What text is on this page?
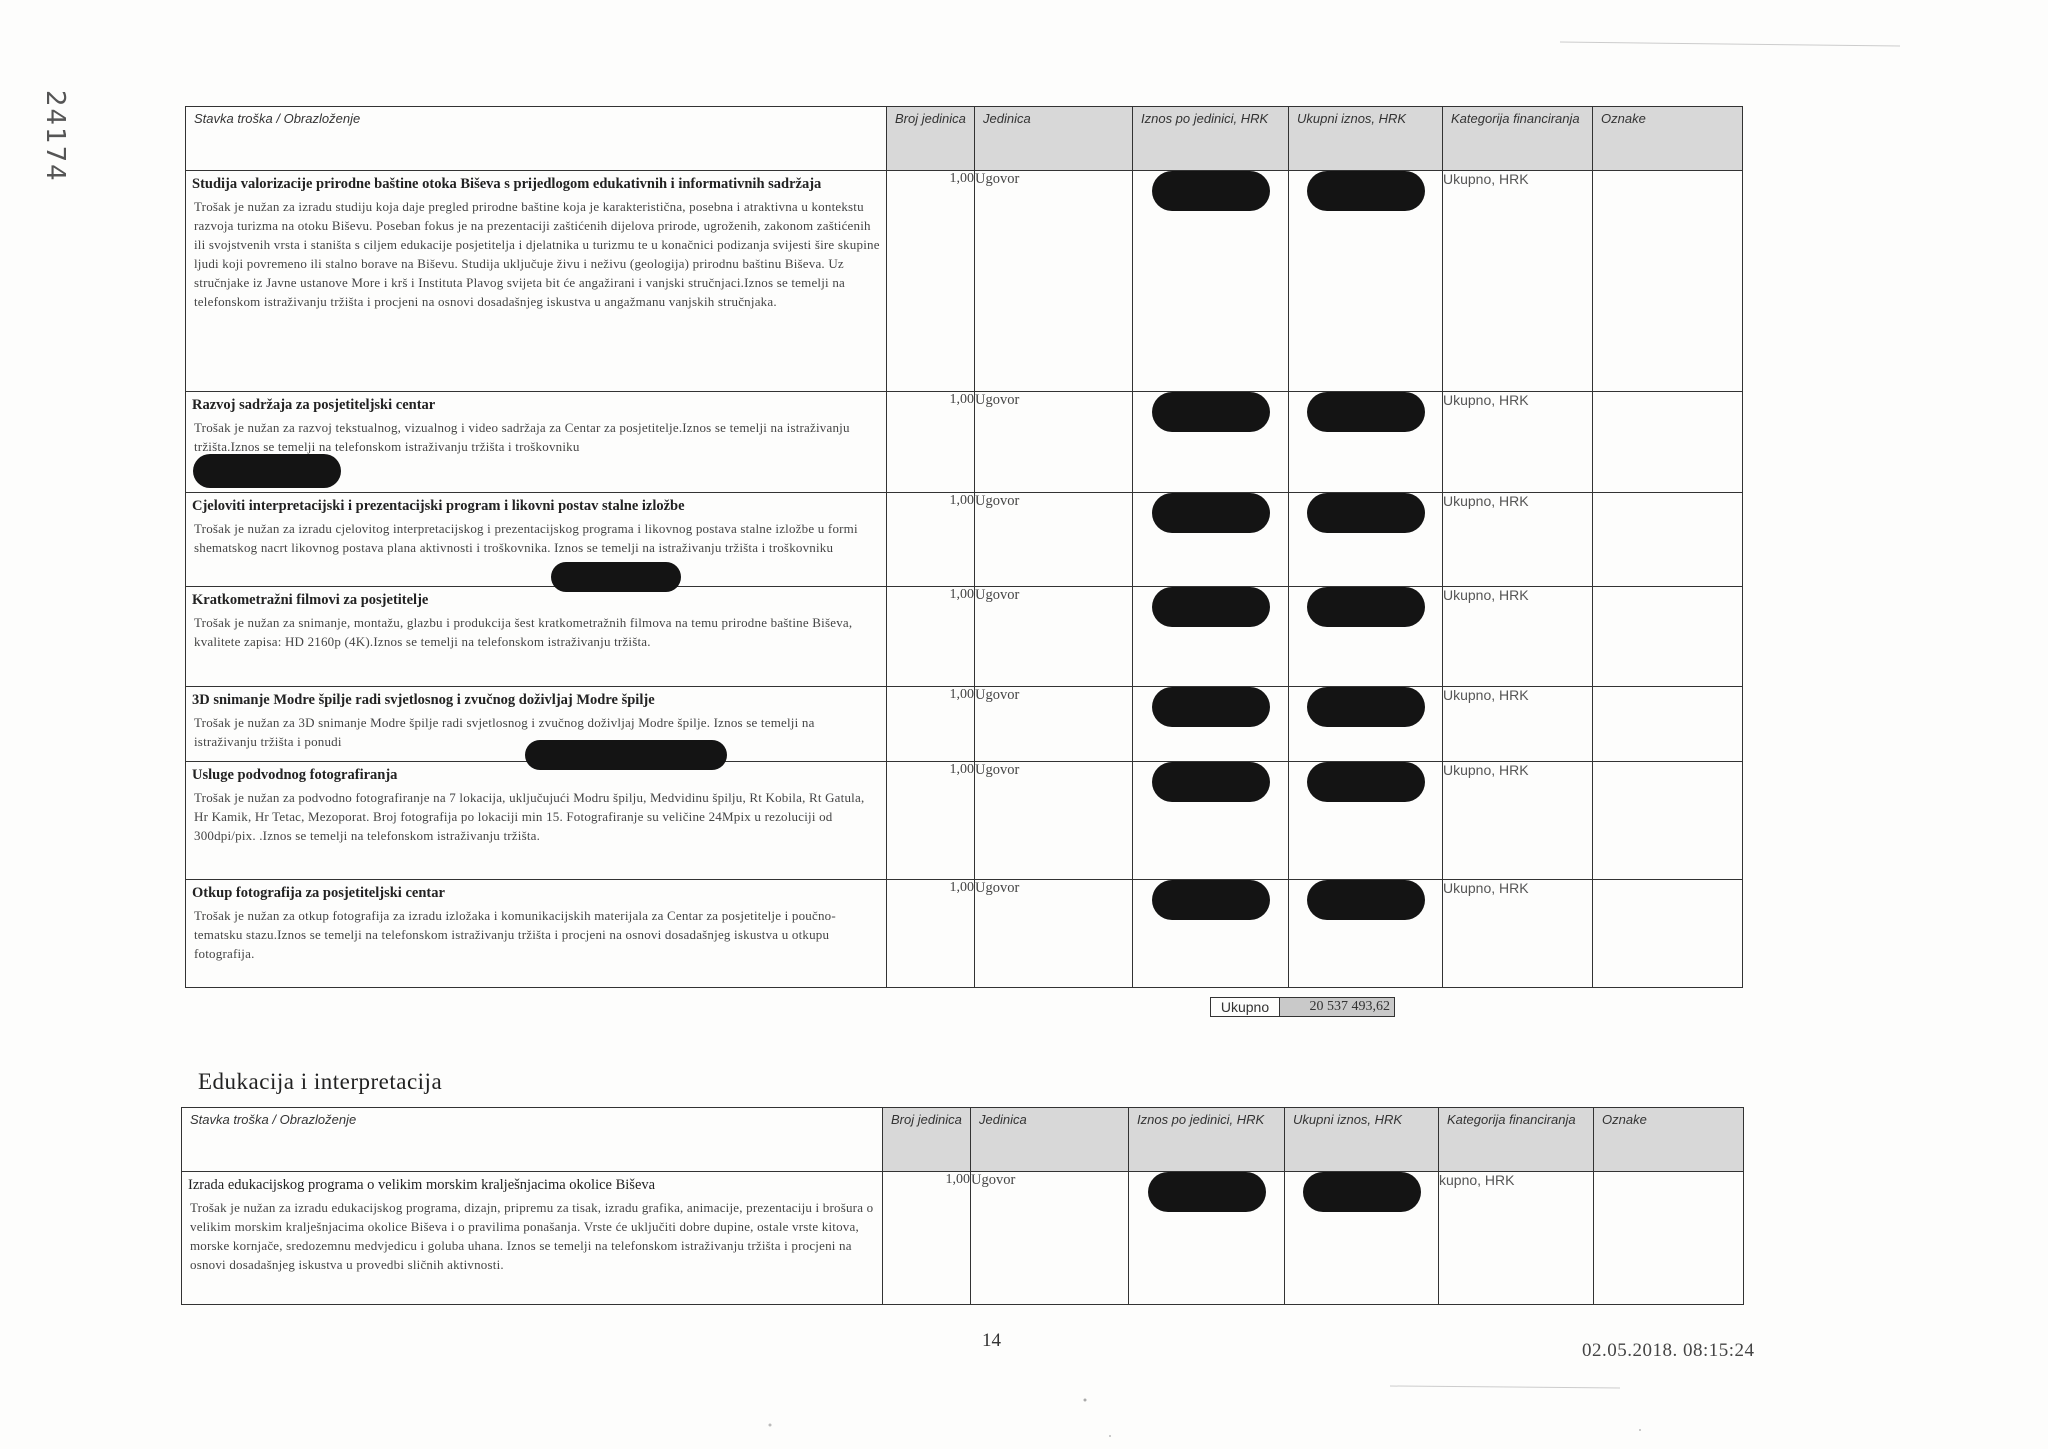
24174	Stavka troška / Obrazloženje	Broj jedinica	Jedinica	Iznos po jedinici, HRK	Ukupni iznos, HRK	Kategorija financiranja	Oznake

Studija valorizacije prirodne baštine otoka Biševa s prijedlogom edukativnih i informativnih sadržaja
Trošak je nužan za izradu studiju koja daje pregled prirodne baštine koja je karakteristična, posebna i atraktivna u kontekstu razvoja turizma na otoku Biševu. Poseban fokus je na prezentaciji zaštićenih dijelova prirode, ugroženih, zakonom zaštićenih ili svojstvenih vrsta i staništa s ciljem edukacije posjetitelja i djelatnika u turizmu te u konačnici podizanja svijesti šire skupine ljudi koji povremeno ili stalno borave na Biševu. Studija uključuje živu i neživu (geologija) prirodnu baštinu Biševa. Uz stručnjake iz Javne ustanove More i krš i Instituta Plavog svijeta bit će angažirani i vanjski stručnjaci.Iznos se temelji na telefonskom istraživanju tržišta i procjeni na osnovi dosadašnjeg iskustva u angažmanu vanjskih stručnjaka.	1,00	Ugovor			Ukupno, HRK	

Razvoj sadržaja za posjetiteljski centar
Trošak je nužan za razvoj tekstualnog, vizualnog i video sadržaja za Centar za posjetitelje.Iznos se temelji na istraživanju tržišta.Iznos se temelji na telefonskom istraživanju tržišta i troškovniku	1,00	Ugovor			Ukupno, HRK	

Cjeloviti interpretacijski i prezentacijski program i likovni postav stalne izložbe
Trošak je nužan za izradu cjelovitog interpretacijskog i prezentacijskog programa i likovnog postava stalne izložbe u formi shematskog nacrt likovnog postava plana aktivnosti i troškovnika. Iznos se temelji na istraživanju tržišta i troškovniku	1,00	Ugovor			Ukupno, HRK	

Kratkometražni filmovi za posjetitelje
Trošak je nužan za snimanje, montažu, glazbu i produkcija šest kratkometražnih filmova na temu prirodne baštine Biševa, kvalitete zapisa: HD 2160p (4K).Iznos se temelji na telefonskom istraživanju tržišta.	1,00	Ugovor			Ukupno, HRK	

3D snimanje Modre špilje radi svjetlosnog i zvučnog doživljaj Modre špilje
Trošak je nužan za 3D snimanje Modre špilje radi svjetlosnog i zvučnog doživljaj Modre špilje. Iznos se temelji na istraživanju tržišta i ponudi	1,00	Ugovor			Ukupno, HRK	

Usluge podvodnog fotografiranja
Trošak je nužan za podvodno fotografiranje na 7 lokacija, uključujući Modru špilju, Medvidinu špilju, Rt Kobila, Rt Gatula, Hr Kamik, Hr Tetac, Mezoporat. Broj fotografija po lokaciji min 15. Fotografiranje su veličine 24Mpix u rezoluciji od 300dpi/pix. .Iznos se temelji na telefonskom istraživanju tržišta.	1,00	Ugovor			Ukupno, HRK	

Otkup fotografija za posjetiteljski centar
Trošak je nužan za otkup fotografija za izradu izložaka i komunikacijskih materijala za Centar za posjetitelje i poučno-tematsku stazu.Iznos se temelji na telefonskom istraživanju tržišta i procjeni na osnovi dosadašnjeg iskustva u otkupu fotografija.	1,00	Ugovor			Ukupno, HRK	
Ukupno	20 537 493,62
Edukacija i interpretacija
Stavka troška / Obrazloženje	Broj jedinica	Jedinica	Iznos po jedinici, HRK	Ukupni iznos, HRK	Kategorija financiranja	Oznake

Izrada edukacijskog programa o velikim morskim kralješnjacima okolice Biševa
Trošak je nužan za izradu edukacijskog programa, dizajn, pripremu za tisak, izradu grafika, animacije, prezentaciju i brošura o velikim morskim kralješnjacima okolice Biševa i o pravilima ponašanja. Vrste će uključiti dobre dupine, ostale vrste kitova, morske kornjače, sredozemnu medvjedicu i golubа uhana. Iznos se temelji na telefonskom istraživanju tržišta i procjeni na osnovi dosadašnjeg iskustva u provedbi sličnih aktivnosti.	1,00	Ugovor			kupno, HRK	
14	02.05.2018. 08:15:24
